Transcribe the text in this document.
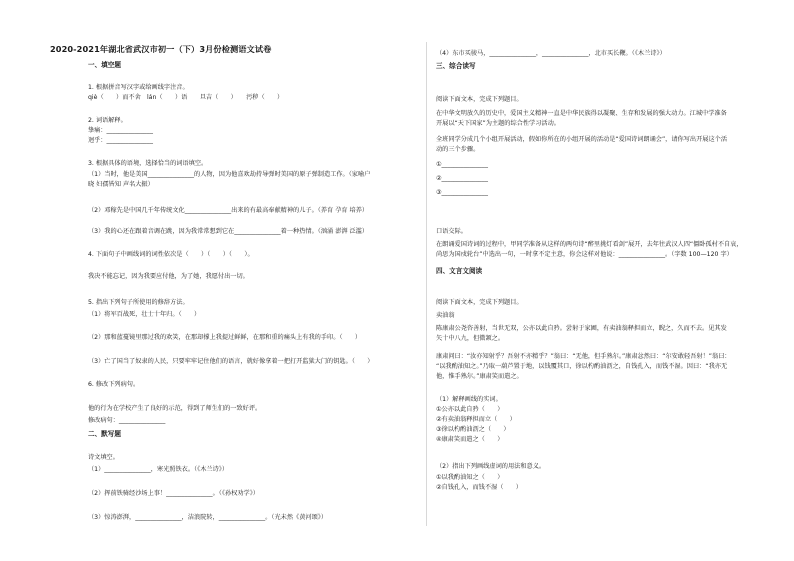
2020-2021年湖北省武汉市初一（下）3月份检测语文试卷
一、填空题
1. 根据拼音写汉字或给画线字注音。
qiè（　　）而不舍　lán（　　）语　　旦吉（　　）　　污秽（　　）
2. 词语解释。
挚痛：_______________
迥乎：_______________
3. 根据具体的语境，选择恰当的词语填空。
（1）当时，他是美国_______________的人物，因为他喜欢劫持导弹时美国的原子弹制造工作。（家喻户
晓 妇孺皆知 声名大振）
（2）邓稼先是中国几千年传统文化_______________出来的有最高奉献精神的儿子。（养育 孕育 培养）
（3）我的心还在跟着音调在跳，因为我常常想到它在_______________着一种热情。（汹涌 澎湃 泛滥）
4. 下面句子中画线词的词性依次是（　　）（　　）（　　）。
我决不能忘记，因为我要应付他，为了她，我愿付出一切。
5. 指出下列句子所使用的修辞方法。
（1）将军百战死，壮士十年归。（　　）
（2）那和蓝蔓镜里那过我的欢笑，在那却撑上我提过鲜鲜，在那和重的痛头上有我的手印。（　　）
（3）亡了国当了奴隶的人民，只要牢牢记住他们的语言，就好像拿着一把打开监狱大门的钥匙。（　　）
6. 修改下列病句。
他的行为在学校产生了良好的示范，得到了师生们的一致好评。
修改病句：_______________
二、默写题
诗文填空。
（1）_______________，寒光照铁衣。（《木兰诗》）
（2）挥前铁骑经沙场上事！_______________。（《孙权劝学》）
（3）惊涛澎湃，_______________，洁浪院转，_______________。（光未然《黄河颂》）
（4）东市买骏马，_______________，_______________，北市买长鞭。（《木兰诗》）
三、综合读写
阅读下面文本，完成下列题目。
在中华文明放久的历史中，爱国主义精神一直是中华民族得以凝聚、生存和发展的强大动力。江城中学准备
开展以“天下国家”为主题的综合性学习活动。
全班同学分成几个小组开展活动，假如你所在的小组开展的活动是“爱国诗词朗诵会”，请你写出开展这个活
动的三个步骤。
①_______________
②_______________
③_______________
口语交际。
在朗诵爱国诗词的过程中，甲同学准备从这样的两句诗“醉里挑灯看剑”展开，去年往武汉人四“僵卧孤村不自哀，
尚思为国戍轮台”中选出一句，一时拿不定主意，你会这样对他说：_______________。（字数 100—120 字）
四、文言文阅读
阅读下面文本，完成下列题目。
卖油翁
陈康肃公尧咨善射，当世无双，公亦以此自矜。尝射于家圃，有卖油翁释担而立，睨之，久而不去。见其发
矢十中八九，但微颔之。
康肃问曰：“汝亦知射乎？吾射不亦精乎？”翁曰：“无他，但手熟尔。”康肃忿然曰：“尔安敢轻吾射！”翁曰：
“以我酌油知之。”乃取一葫芦置于地，以钱覆其口，徐以杓酌油沥之，自钱孔入，而钱不湿。因曰：“我亦无
他，惟手熟尔。”康肃笑而遣之。
（1）解释画线的实词。
①公亦以此自矜（　　）
②有卖油翁释担而立（　　）
③徐以杓酌油沥之（　　）
④康肃笑而遣之（　　）
（2）指出下列画线虚词的用法和意义。
①以我酌油知之（　　）
②自钱孔入，而钱不湿（　　）
